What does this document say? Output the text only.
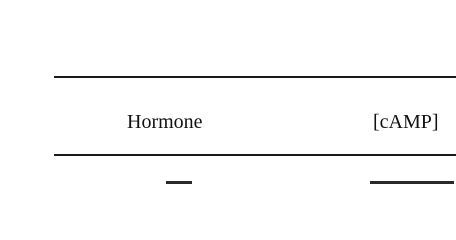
Hormone	[cAMP]
